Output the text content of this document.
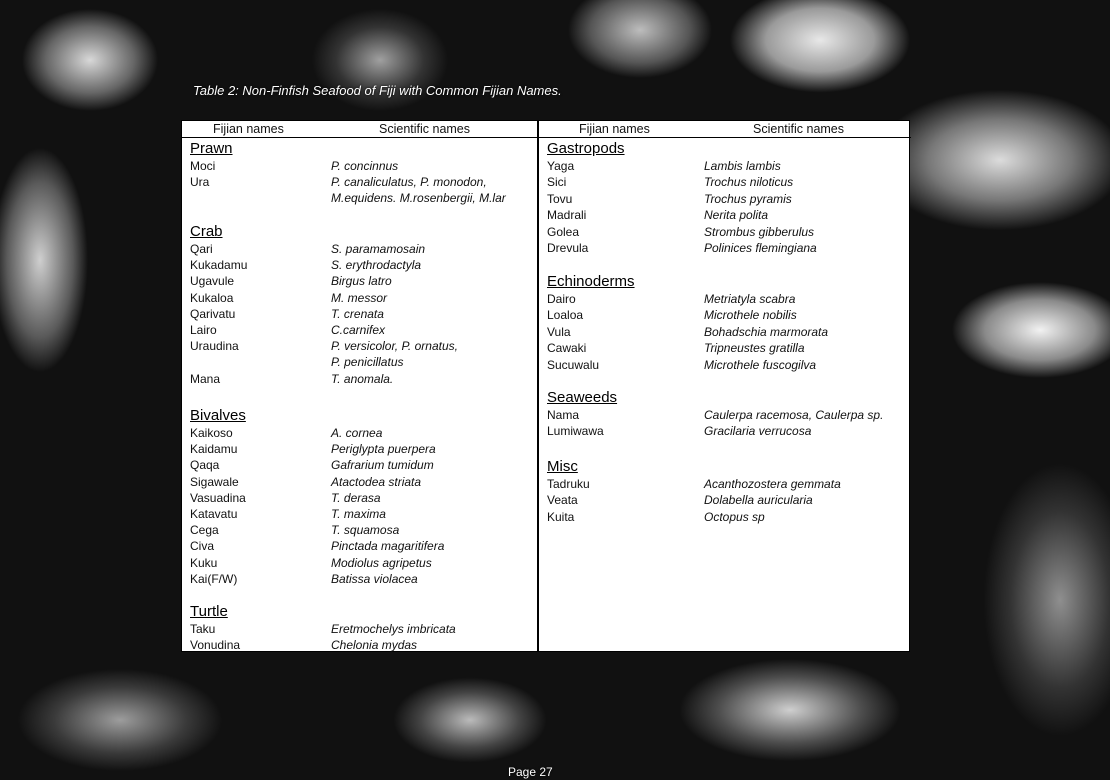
Table 2: Non-Finfish Seafood of Fiji with Common Fijian Names.
Fijian names	Scientific names	Fijian names	Scientific names
Prawn
Moci	P. concinnus
Ura	P. canaliculatus, P. monodon,
M.equidens. M.rosenbergii, M.lar
Crab
Qari	S. paramamosain
Kukadamu	S. erythrodactyla
Ugavule	Birgus latro
Kukaloa	M. messor
Qarivatu	T. crenata
Lairo	C.carnifex
Uraudina	P. versicolor, P. ornatus,
P. penicillatus
Mana	T. anomala.
Bivalves
Kaikoso	A. cornea
Kaidamu	Periglypta puerpera
Qaqa	Gafrarium tumidum
Sigawale	Atactodea striata
Vasuadina	T. derasa
Katavatu	T. maxima
Cega	T. squamosa
Civa	Pinctada magaritifera
Kuku	Modiolus agripetus
Kai(F/W)	Batissa violacea
Turtle
Taku	Eretmochelys imbricata
Vonudina	Chelonia mydas
Gastropods
Yaga	Lambis lambis
Sici	Trochus niloticus
Tovu	Trochus pyramis
Madrali	Nerita polita
Golea	Strombus gibberulus
Drevula	Polinices flemingiana
Echinoderms
Dairo	Metriatyla scabra
Loaloa	Microthele nobilis
Vula	Bohadschia marmorata
Cawaki	Tripneustes gratilla
Sucuwalu	Microthele fuscogilva
Seaweeds
Nama	Caulerpa racemosa, Caulerpa sp.
Lumiwawa	Gracilaria verrucosa
Misc
Tadruku	Acanthozostera gemmata
Veata	Dolabella auricularia
Kuita	Octopus sp
Page 27
